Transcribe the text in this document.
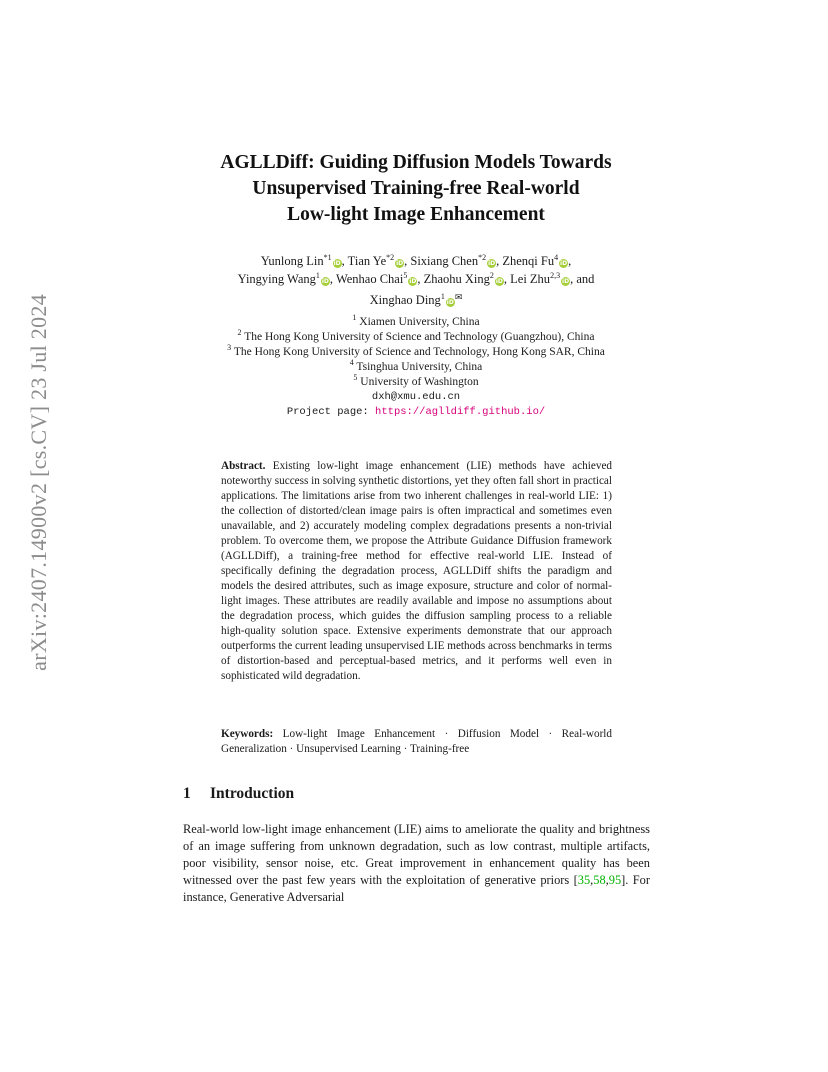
arXiv:2407.14900v2 [cs.CV] 23 Jul 2024
AGLLDiff: Guiding Diffusion Models Towards
Unsupervised Training-free Real-world
Low-light Image Enhancement
Yunlong Lin$^{*1}$iD, Tian Ye$^{*2}$iD, Sixiang Chen$^{*2}$iD, Zhenqi Fu$^4$iD,
Yingying Wang$^1$iD, Wenhao Chai$^5$iD, Zhaohu Xing$^2$iD, Lei Zhu$^{2,3}$iD, and
Xinghao Ding$^1$iD✉
$^1$ Xiamen University, China
$^2$ The Hong Kong University of Science and Technology (Guangzhou), China
$^3$ The Hong Kong University of Science and Technology, Hong Kong SAR, China
$^4$ Tsinghua University, China
$^5$ University of Washington
dxh@xmu.edu.cn
Project page: https://aglldiff.github.io/
Abstract. Existing low-light image enhancement (LIE) methods have achieved noteworthy success in solving synthetic distortions, yet they often fall short in practical applications. The limitations arise from two inherent challenges in real-world LIE: 1) the collection of distorted/clean image pairs is often impractical and sometimes even unavailable, and 2) accurately modeling complex degradations presents a non-trivial problem. To overcome them, we propose the Attribute Guidance Diffusion framework (AGLLDiff), a training-free method for effective real-world LIE. Instead of specifically defining the degradation process, AGLLDiff shifts the paradigm and models the desired attributes, such as image exposure, structure and color of normal-light images. These attributes are readily available and impose no assumptions about the degradation process, which guides the diffusion sampling process to a reliable high-quality solution space. Extensive experiments demonstrate that our approach outperforms the current leading unsupervised LIE methods across benchmarks in terms of distortion-based and perceptual-based metrics, and it performs well even in sophisticated wild degradation.
Keywords: Low-light Image Enhancement · Diffusion Model · Real-world Generalization · Unsupervised Learning · Training-free
1 Introduction
Real-world low-light image enhancement (LIE) aims to ameliorate the quality and brightness of an image suffering from unknown degradation, such as low contrast, multiple artifacts, poor visibility, sensor noise, etc. Great improvement in enhancement quality has been witnessed over the past few years with the exploitation of generative priors [35,58,95]. For instance, Generative Adversarial
